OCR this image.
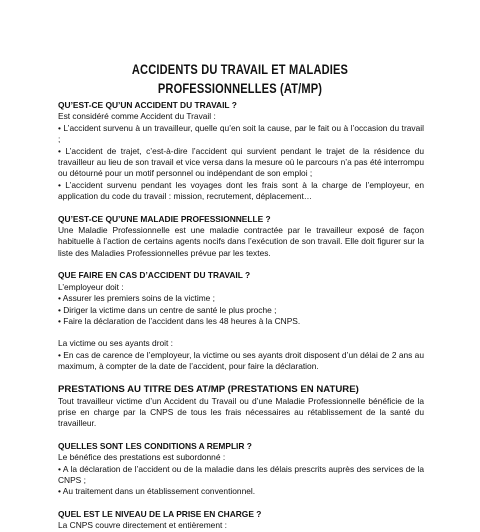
ACCIDENTS DU TRAVAIL ET MALADIES
PROFESSIONNELLES (AT/MP)

QU’EST-CE QU’UN ACCIDENT DU TRAVAIL ?

Est considéré comme Accident du Travail :

• L’accident survenu à un travailleur, quelle qu’en soit la cause, par le fait ou à l’occasion du travail ;

• L’accident de trajet, c’est-à-dire l’accident qui survient pendant le trajet de la résidence du travailleur au lieu de son travail et vice versa dans la mesure où le parcours n’a pas été interrompu ou détourné pour un motif personnel ou indépendant de son emploi ;

• L’accident survenu pendant les voyages dont les frais sont à la charge de l’employeur, en application du code du travail : mission, recrutement, déplacement…

QU’EST-CE QU’UNE MALADIE PROFESSIONNELLE ?

Une Maladie Professionnelle est une maladie contractée par le travailleur exposé de façon habituelle à l’action de certains agents nocifs dans l’exécution de son travail. Elle doit figurer sur la liste des Maladies Professionnelles prévue par les textes.

QUE FAIRE EN CAS D’ACCIDENT DU TRAVAIL ?

L’employeur doit :

• Assurer les premiers soins de la victime ;

• Diriger la victime dans un centre de santé le plus proche ;

• Faire la déclaration de l’accident dans les 48 heures à la CNPS.

La victime ou ses ayants droit :

• En cas de carence de l’employeur, la victime ou ses ayants droit disposent d’un délai de 2 ans au maximum, à compter de la date de l’accident, pour faire la déclaration.

PRESTATIONS AU TITRE DES AT/MP (PRESTATIONS EN NATURE)

Tout travailleur victime d’un Accident du Travail ou d’une Maladie Professionnelle bénéficie de la prise en charge par la CNPS de tous les frais nécessaires au rétablissement de la santé du travailleur.

QUELLES SONT LES CONDITIONS A REMPLIR ?

Le bénéfice des prestations est subordonné :

• A la déclaration de l’accident ou de la maladie dans les délais prescrits auprès des services de la CNPS ;

• Au traitement dans un établissement conventionnel.

QUEL EST LE NIVEAU DE LA PRISE EN CHARGE ?

La CNPS couvre directement et entièrement :
